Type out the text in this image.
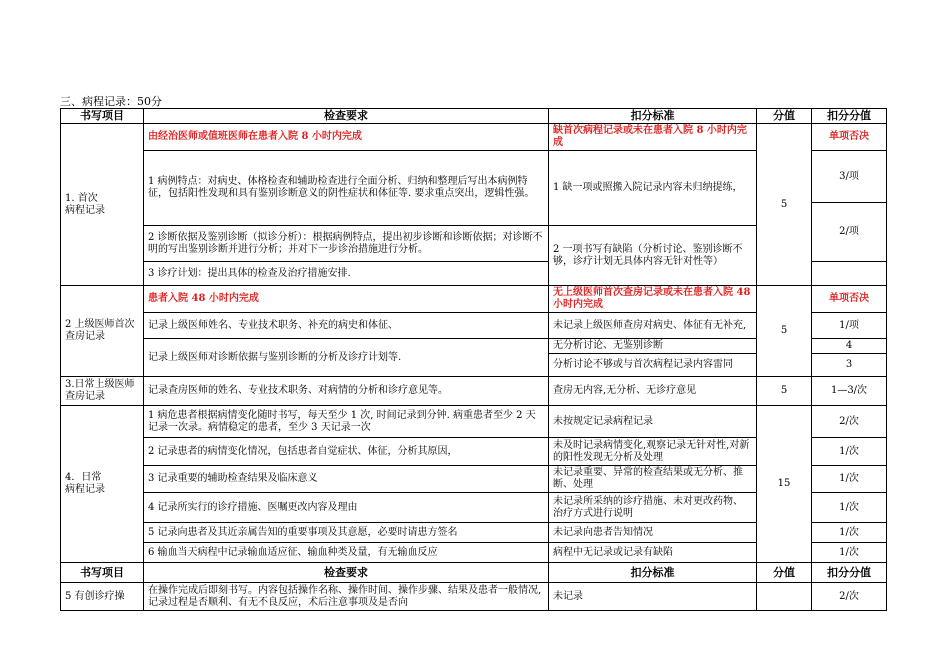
三、病程记录：50分
书写项目	检查要求	扣分标准	分值	扣分分值
1. 首次
病程记录	由经治医师或值班医师在患者入院 8 小时内完成	缺首次病程记录或未在患者入院 8 小时内完成	5	单项否决
	1 病例特点：对病史、体格检查和辅助检查进行全面分析、归纳和整理后写出本病例特征，包括阳性发现和具有鉴别诊断意义的阴性症状和体征等. 要求重点突出，逻辑性强。	1 缺一项或照搬入院记录内容未归纳提练，		3/项
				2/项
	2 诊断依据及鉴别诊断（拟诊分析）：根据病例特点，提出初步诊断和诊断依据；对诊断不明的写出鉴别诊断并进行分析；并对下一步诊治措施进行分析。	2 一项书写有缺陷（分析讨论、鉴别诊断不够，诊疗计划无具体内容无针对性等）		
	3 诊疗计划：提出具体的检查及治疗措施安排.			
2 上级医师首次查房记录	患者入院 48 小时内完成	无上级医师首次查房记录或未在患者入院 48 小时内完成	5	单项否决
	记录上级医师姓名、专业技术职务、补充的病史和体征、	未记录上级医师查房对病史、体征有无补充,		1/项
	记录上级医师对诊断依据与鉴别诊断的分析及诊疗计划等.	无分析讨论、无鉴别诊断		4
		分析讨论不够或与首次病程记录内容雷同		3
3.日常上级医师查房记录	记录查房医师的姓名、专业技术职务、对病情的分析和诊疗意见等。	查房无内容,无分析、无诊疗意见	5	1—3/次
4．日常
病程记录	1 病危患者根据病情变化随时书写，每天至少 1 次, 时间记录到分钟. 病重患者至少 2 天记录一次录。病情稳定的患者，至少 3 天记录一次	未按规定记录病程记录	15	2/次
	2 记录患者的病情变化情况，包括患者自觉症状、体征，分析其原因，	未及时记录病情变化,观察记录无针对性,对新的阳性发现无分析及处理		1/次
	3 记录重要的辅助检查结果及临床意义	未记录重要、异常的检查结果或无分析、推断、处理		1/次
	4 记录所实行的诊疗措施、医嘱更改内容及理由	未记录所采纳的诊疗措施、未对更改药物、治疗方式进行说明		1/次
	5 记录向患者及其近亲属告知的重要事项及其意愿，必要时请患方签名	未记录向患者告知情况		1/次
	6 输血当天病程中记录输血适应征、输血种类及量，有无输血反应	病程中无记录或记录有缺陷		1/次
书写项目	检查要求	扣分标准	分值	扣分分值
5 有创诊疗操	在操作完成后即刻书写。内容包括操作名称、操作时间、操作步骤、结果及患者一般情况, 记录过程是否顺利、有无不良反应，术后注意事项及是否向	未记录		2/次
